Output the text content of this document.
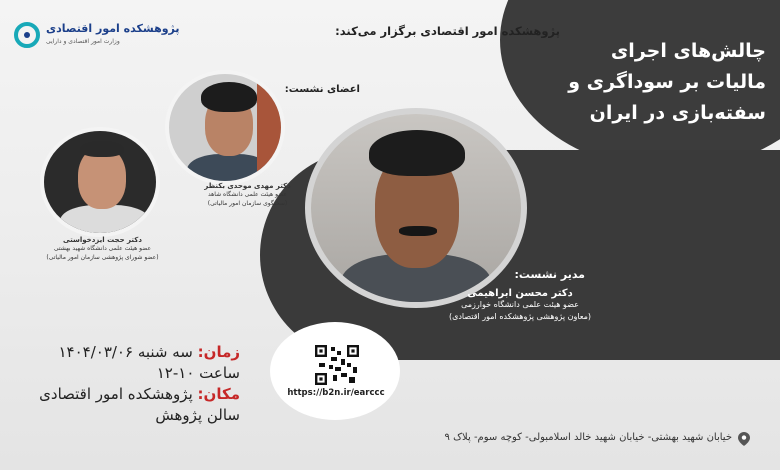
پژوهشکده امور اقتصادی
وزارت امور اقتصادی و دارایی
پژوهشکده امور اقتصادی برگزار می‌کند:
چالش‌های اجرای
مالیات بر سوداگری و
سفته‌بازی در ایران
اعضای نشست:
دکتر مهدی موحدی بکنظر
عضو هیئت علمی دانشگاه شاهد
(سخنگوی سازمان امور مالیاتی)
دکتر حجت ایزدخواستی
عضو هیئت علمی دانشگاه شهید بهشتی
(عضو شورای پژوهشی سازمان امور مالیاتی)
مدیر نشست:
دکتر محسن ابراهیمی
عضو هیئت علمی دانشگاه خوارزمی
(معاون پژوهشی پژوهشکده امور اقتصادی)
https://b2n.ir/earccc
زمان: سه شنبه ۱۴۰۴/۰۳/۰۶
ساعت ۱۰-۱۲
مکان: پژوهشکده امور اقتصادی
سالن پژوهش
خیابان شهید بهشتی- خیابان شهید خالد اسلامبولی- کوچه سوم- پلاک ۹
